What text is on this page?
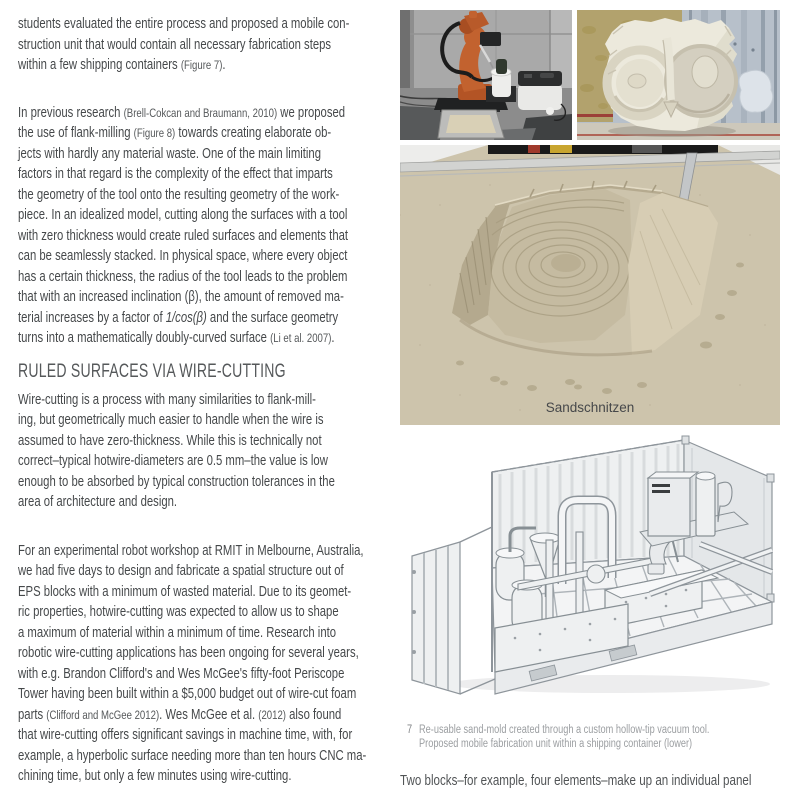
students evaluated the entire process and proposed a mobile con-
struction unit that would contain all necessary fabrication steps
within a few shipping containers (Figure 7).
In previous research (Brell-Cokcan and Braumann, 2010) we proposed
the use of flank-milling (Figure 8) towards creating elaborate ob-
jects with hardly any material waste. One of the main limiting
factors in that regard is the complexity of the effect that imparts
the geometry of the tool onto the resulting geometry of the work-
piece. In an idealized model, cutting along the surfaces with a tool
with zero thickness would create ruled surfaces and elements that
can be seamlessly stacked. In physical space, where every object
has a certain thickness, the radius of the tool leads to the problem
that with an increased inclination (β), the amount of removed ma-
terial increases by a factor of 1/cos(β) and the surface geometry
turns into a mathematically doubly-curved surface (Li et al. 2007).
RULED SURFACES VIA WIRE-CUTTING
Wire-cutting is a process with many similarities to flank-mill-
ing, but geometrically much easier to handle when the wire is
assumed to have zero-thickness. While this is technically not
correct–typical hotwire-diameters are 0.5 mm–the value is low
enough to be absorbed by typical construction tolerances in the
area of architecture and design.
For an experimental robot workshop at RMIT in Melbourne, Australia,
we had five days to design and fabricate a spatial structure out of
EPS blocks with a minimum of wasted material. Due to its geomet-
ric properties, hotwire-cutting was expected to allow us to shape
a maximum of material within a minimum of time. Research into
robotic wire-cutting applications has been ongoing for several years,
with e.g. Brandon Clifford's and Wes McGee's fifty-foot Periscope
Tower having been built within a $5,000 budget out of wire-cut foam
parts (Clifford and McGee 2012). Wes McGee et al. (2012) also found
that wire-cutting offers significant savings in machine time, with, for
example, a hyperbolic surface needing more than ten hours CNC ma-
chining time, but only a few minutes using wire-cutting.
Sandschnitzen
7 Re-usable sand-mold created through a custom hollow-tip vacuum tool.
Proposed mobile fabrication unit within a shipping container (lower)
Two blocks–for example, four elements–make up an individual panel
